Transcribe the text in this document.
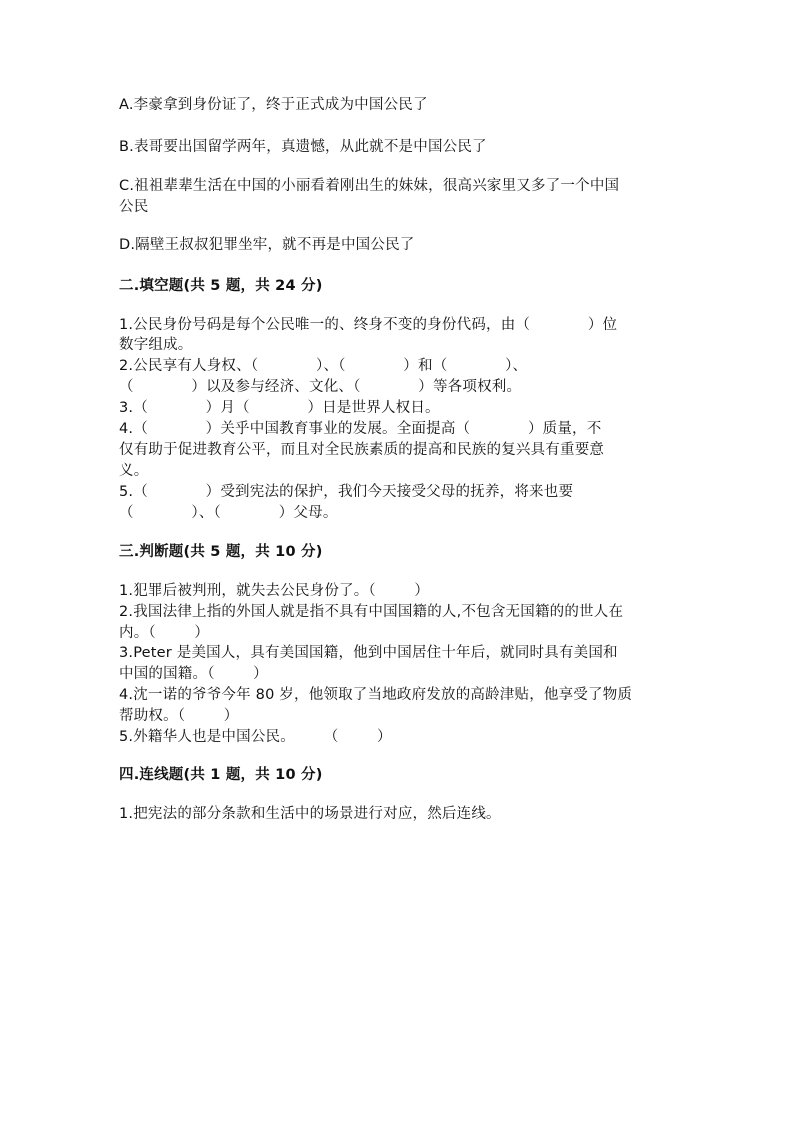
A.李豪拿到身份证了，终于正式成为中国公民了
B.表哥要出国留学两年，真遗憾，从此就不是中国公民了
C.祖祖辈辈生活在中国的小丽看着刚出生的妹妹，很高兴家里又多了一个中国
公民
D.隔壁王叔叔犯罪坐牢，就不再是中国公民了
二.填空题(共 5 题，共 24 分)
1.公民身份号码是每个公民唯一的、终身不变的身份代码，由（            ）位
数字组成。
2.公民享有人身权、（            ）、（            ）和（            ）、
（            ）以及参与经济、文化、（            ）等各项权利。
3.（            ）月（            ）日是世界人权日。
4.（            ）关乎中国教育事业的发展。全面提高（            ）质量，不
仅有助于促进教育公平，而且对全民族素质的提高和民族的复兴具有重要意
义。
5.（            ）受到宪法的保护，我们今天接受父母的抚养，将来也要
（            ）、（            ）父母。
三.判断题(共 5 题，共 10 分)
1.犯罪后被判刑，就失去公民身份了。（        ）
2.我国法律上指的外国人就是指不具有中国国籍的人,不包含无国籍的的世人在
内。（        ）
3.Peter 是美国人，具有美国国籍，他到中国居住十年后，就同时具有美国和
中国的国籍。（        ）
4.沈一诺的爷爷今年 80 岁，他领取了当地政府发放的高龄津贴，他享受了物质
帮助权。（        ）
5.外籍华人也是中国公民。      （        ）
四.连线题(共 1 题，共 10 分)
1.把宪法的部分条款和生活中的场景进行对应，然后连线。
